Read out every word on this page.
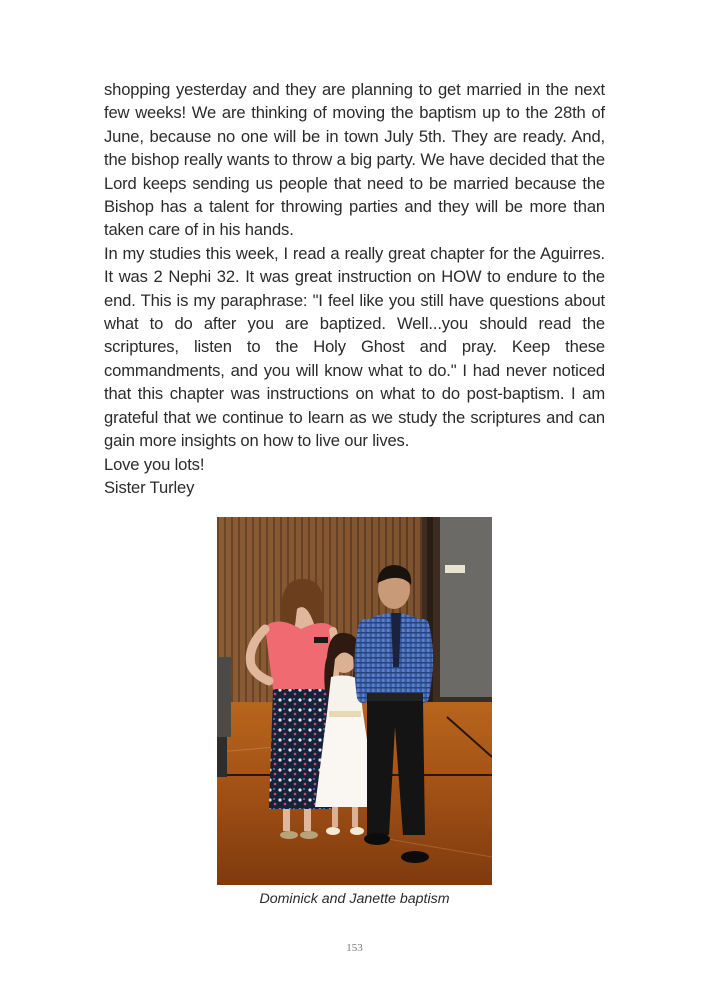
shopping yesterday and they are planning to get married in the next few weeks! We are thinking of moving the baptism up to the 28th of June, because no one will be in town July 5th. They are ready. And, the bishop really wants to throw a big party. We have decided that the Lord keeps sending us people that need to be married because the Bishop has a talent for throwing parties and they will be more than taken care of in his hands.

In my studies this week, I read a really great chapter for the Aguirres. It was 2 Nephi 32. It was great instruction on HOW to endure to the end. This is my paraphrase: "I feel like you still have questions about what to do after you are baptized. Well...you should read the scriptures, listen to the Holy Ghost and pray. Keep these commandments, and you will know what to do." I had never noticed that this chapter was instructions on what to do post-baptism. I am grateful that we continue to learn as we study the scriptures and can gain more insights on how to live our lives.

Love you lots!

Sister Turley

Dominick and Janette baptism
153
